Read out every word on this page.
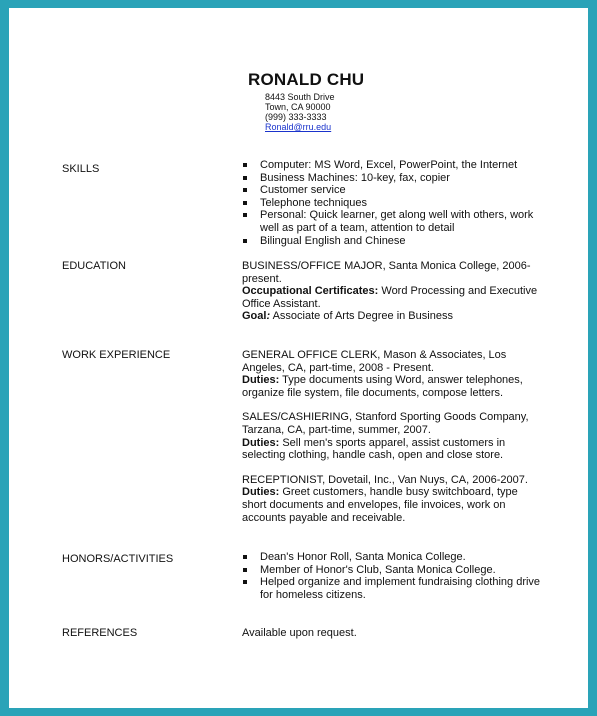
RONALD CHU
8443 South Drive
Town, CA 90000
(999) 333-3333
Ronald@rru.edu
SKILLS	Computer: MS Word, Excel, PowerPoint, the Internet
Business Machines: 10-key, fax, copier
Customer service
Telephone techniques
Personal: Quick learner, get along well with others, work well as part of a team, attention to detail
Bilingual English and Chinese
EDUCATION	BUSINESS/OFFICE MAJOR, Santa Monica College, 2006-present.

Occupational Certificates: Word Processing and Executive Office Assistant.

Goal: Associate of Arts Degree in Business

WORK EXPERIENCE	GENERAL OFFICE CLERK, Mason & Associates, Los Angeles, CA, part-time, 2008 - Present.

Duties: Type documents using Word, answer telephones, organize file system, file documents, compose letters.

SALES/CASHIERING, Stanford Sporting Goods Company, Tarzana, CA, part-time, summer, 2007.

Duties: Sell men's sports apparel, assist customers in selecting clothing, handle cash, open and close store.

RECEPTIONIST, Dovetail, Inc., Van Nuys, CA, 2006-2007.

Duties: Greet customers, handle busy switchboard, type short documents and envelopes, file invoices, work on accounts payable and receivable.

HONORS/ACTIVITIES	Dean's Honor Roll, Santa Monica College.
Member of Honor's Club, Santa Monica College.
Helped organize and implement fundraising clothing drive for homeless citizens.
REFERENCES	Available upon request.
